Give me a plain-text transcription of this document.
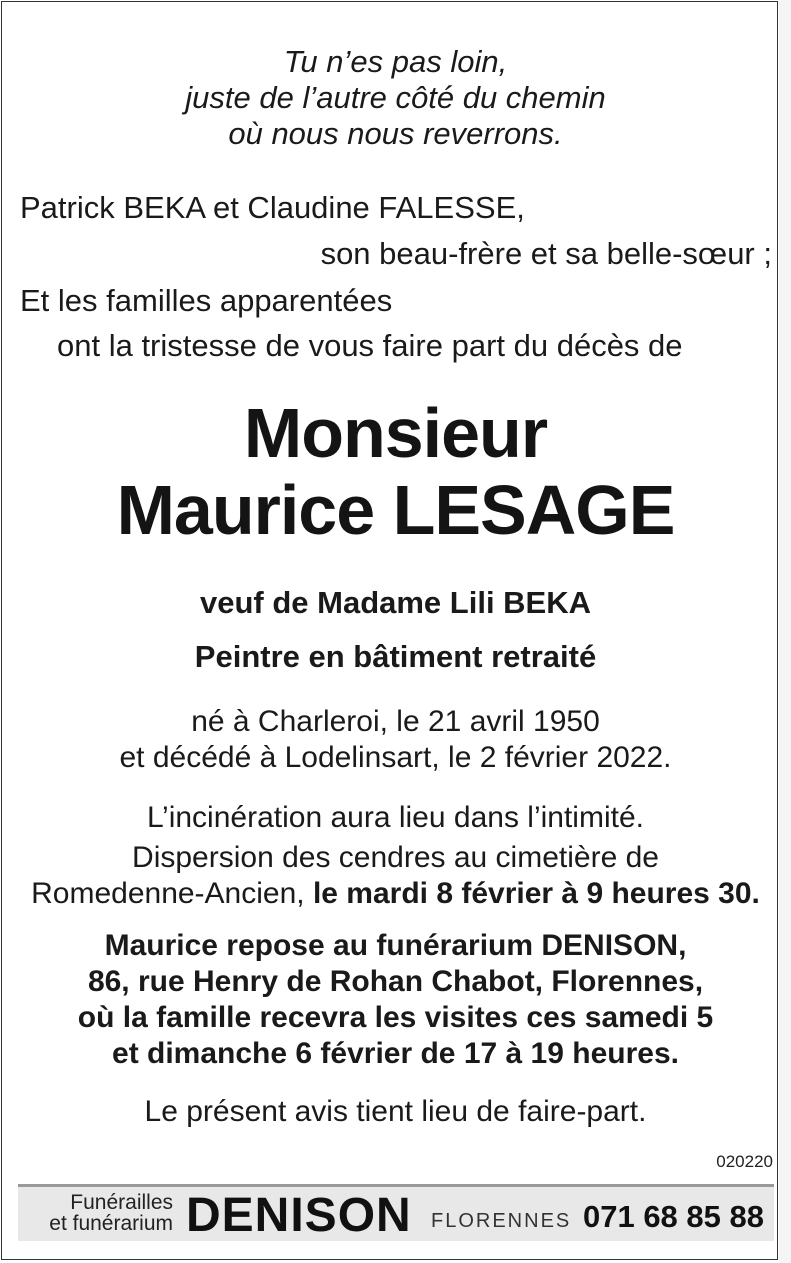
Tu n’es pas loin,
juste de l’autre côté du chemin
où nous nous reverrons.
Patrick BEKA et Claudine FALESSE,
son beau-frère et sa belle-sœur ;
Et les familles apparentées
ont la tristesse de vous faire part du décès de
Monsieur
Maurice LESAGE
veuf de Madame Lili BEKA
Peintre en bâtiment retraité
né à Charleroi, le 21 avril 1950
et décédé à Lodelinsart, le 2 février 2022.
L’incinération aura lieu dans l’intimité.
Dispersion des cendres au cimetière de
Romedenne-Ancien, le mardi 8 février à 9 heures 30.
Maurice repose au funérarium DENISON,
86, rue Henry de Rohan Chabot, Florennes,
où la famille recevra les visites ces samedi 5
et dimanche 6 février de 17 à 19 heures.
Le présent avis tient lieu de faire-part.
020220
Funérailles
et funérarium DENISON FLORENNES 071 68 85 88
